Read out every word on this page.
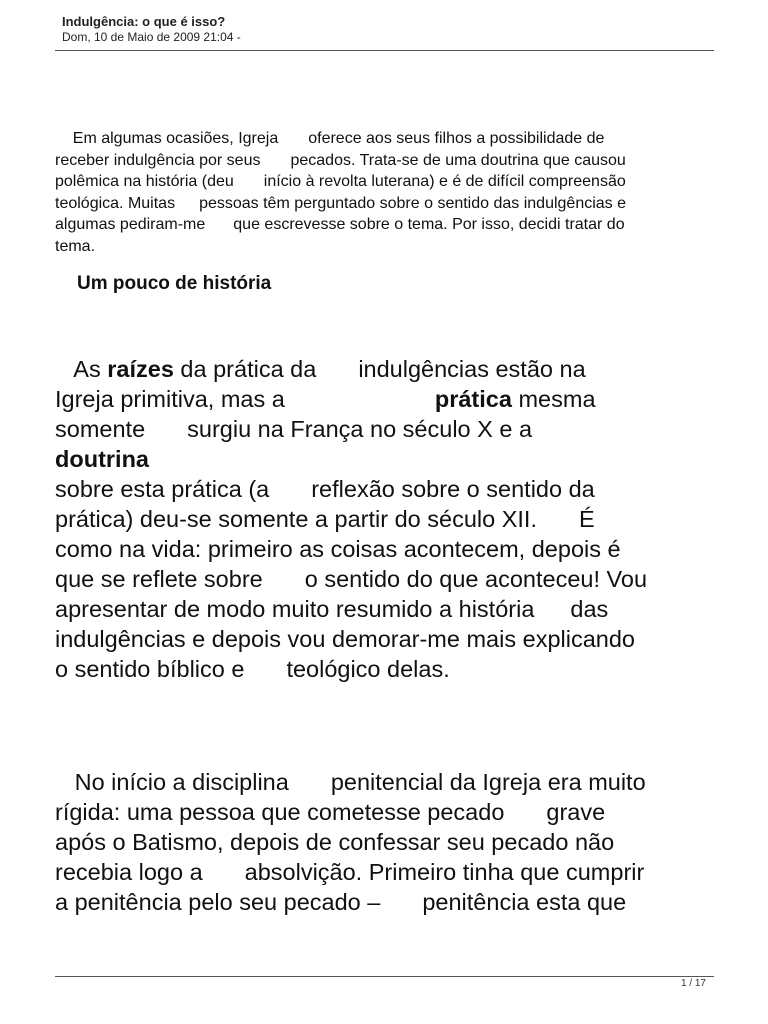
Indulgência: o que é isso?
Dom, 10 de Maio de 2009 21:04 -
Em algumas ocasiões, Igreja oferece aos seus filhos a possibilidade de
receber indulgência por seus pecados. Trata-se de uma doutrina que causou
polêmica na história (deu início à revolta luterana) e é de difícil compreensão
teológica. Muitas pessoas têm perguntado sobre o sentido das indulgências e
algumas pediram-me que escrevesse sobre o tema. Por isso, decidi tratar do
tema.
Um pouco de história
As raízes da prática da indulgências estão na
Igreja primitiva, mas a	prática mesma
somente surgiu na França no século X e a
doutrina
sobre esta prática (a reflexão sobre o sentido da
prática) deu-se somente a partir do século XII. É
como na vida: primeiro as coisas acontecem, depois é
que se reflete sobre o sentido do que aconteceu! Vou
apresentar de modo muito resumido a história das
indulgências e depois vou demorar-me mais explicando
o sentido bíblico e teológico delas.
No início a disciplina penitencial da Igreja era muito
rígida: uma pessoa que cometesse pecado grave
após o Batismo, depois de confessar seu pecado não
recebia logo a absolvição. Primeiro tinha que cumprir
a penitência pelo seu pecado – penitência esta que
1 / 17
